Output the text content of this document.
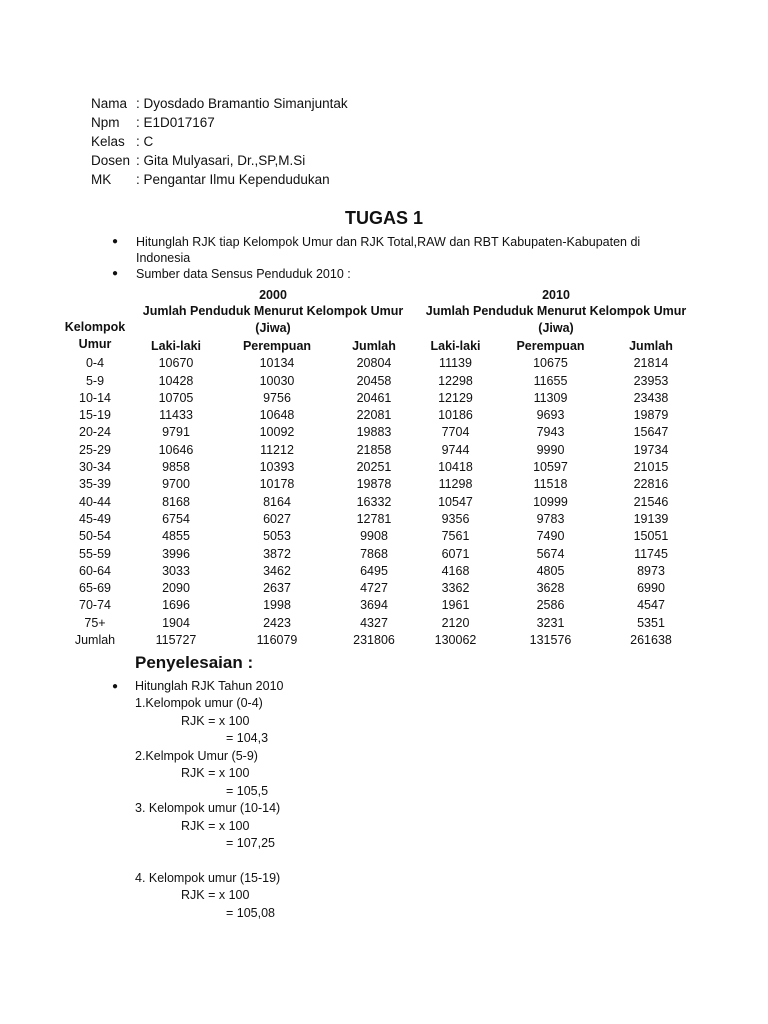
Nama : Dyosdado Bramantio Simanjuntak
Npm	: E1D017167
Kelas : C
Dosen : Gita Mulyasari, Dr.,SP,M.Si
MK	: Pengantar Ilmu Kependudukan
TUGAS 1
●	Hitunglah RJK tiap Kelompok Umur dan RJK Total,RAW dan RBT Kabupaten-Kabupaten di Indonesia
●	Sumber data Sensus Penduduk 2010 :
Kelompok Umur	2000			2010		
	Jumlah Penduduk Menurut Kelompok Umur (Jiwa)			Jumlah Penduduk Menurut Kelompok Umur (Jiwa)		
	Laki-laki	Perempuan	Jumlah	Laki-laki	Perempuan	Jumlah
0-4	10670	10134	20804	11139	10675	21814
5-9	10428	10030	20458	12298	11655	23953
10-14	10705	9756	20461	12129	11309	23438
15-19	11433	10648	22081	10186	9693	19879
20-24	9791	10092	19883	7704	7943	15647
25-29	10646	11212	21858	9744	9990	19734
30-34	9858	10393	20251	10418	10597	21015
35-39	9700	10178	19878	11298	11518	22816
40-44	8168	8164	16332	10547	10999	21546
45-49	6754	6027	12781	9356	9783	19139
50-54	4855	5053	9908	7561	7490	15051
55-59	3996	3872	7868	6071	5674	11745
60-64	3033	3462	6495	4168	4805	8973
65-69	2090	2637	4727	3362	3628	6990
70-74	1696	1998	3694	1961	2586	4547
75+	1904	2423	4327	2120	3231	5351
Jumlah	115727	116079	231806	130062	131576	261638
Penyelesaian :
● Hitunglah RJK Tahun 2010
1.Kelompok umur (0-4)
RJK = x 100
= 104,3
2.Kelmpok Umur (5-9)
RJK = x 100
= 105,5
3. Kelompok umur (10-14)
RJK = x 100
= 107,25
4. Kelompok umur (15-19)
RJK = x 100
= 105,08
